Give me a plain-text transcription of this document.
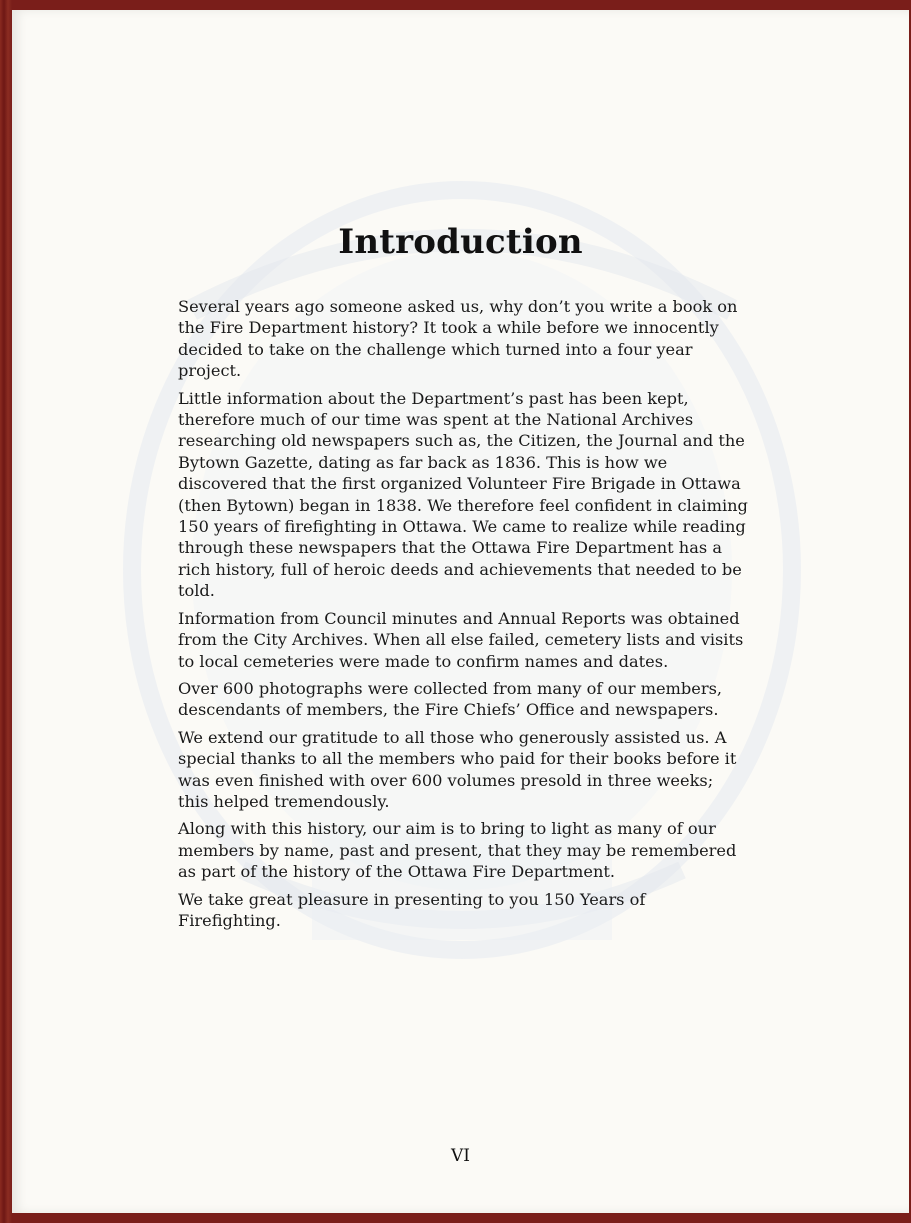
Introduction

Several years ago someone asked us, why don’t you write a book on the Fire Department history? It took a while before we innocently decided to take on the challenge which turned into a four year project.

Little information about the Department’s past has been kept, therefore much of our time was spent at the National Archives researching old newspapers such as, the Citizen, the Journal and the Bytown Gazette, dating as far back as 1836. This is how we discovered that the first organized Volunteer Fire Brigade in Ottawa (then Bytown) began in 1838. We therefore feel confident in claiming 150 years of firefighting in Ottawa. We came to realize while reading through these newspapers that the Ottawa Fire Department has a rich history, full of heroic deeds and achievements that needed to be told.

Information from Council minutes and Annual Reports was obtained from the City Archives. When all else failed, cemetery lists and visits to local cemeteries were made to confirm names and dates.

Over 600 photographs were collected from many of our members, descendants of members, the Fire Chiefs’ Office and newspapers.

We extend our gratitude to all those who generously assisted us. A special thanks to all the members who paid for their books before it was even finished with over 600 volumes presold in three weeks; this helped tremendously.

Along with this history, our aim is to bring to light as many of our members by name, past and present, that they may be remembered as part of the history of the Ottawa Fire Department.

We take great pleasure in presenting to you 150 Years of Firefighting.

VI
